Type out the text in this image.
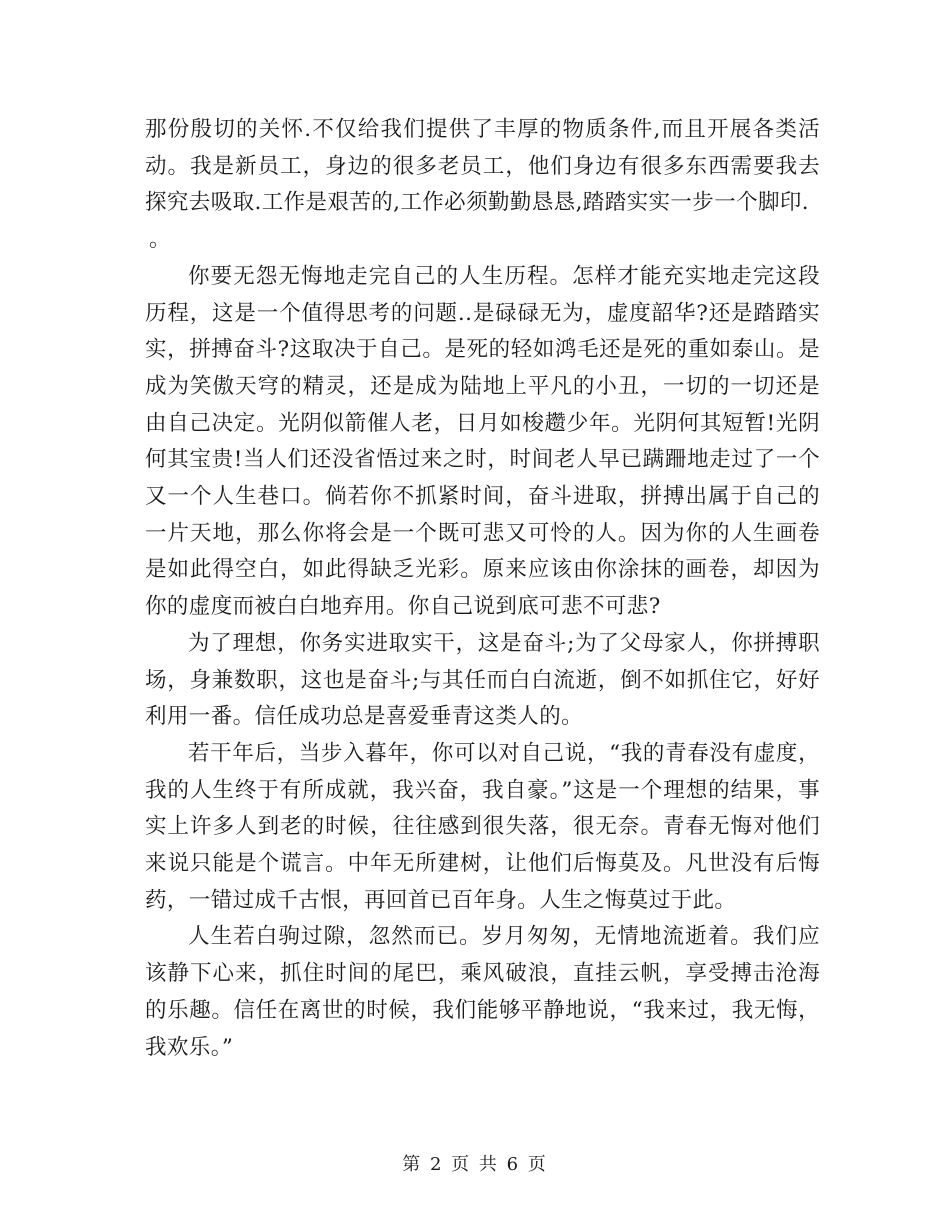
那份殷切的关怀.不仅给我们提供了丰厚的物质条件,而且开展各类活动。我是新员工，身边的很多老员工，他们身边有很多东西需要我去探究去吸取.工作是艰苦的,工作必须勤勤恳恳,踏踏实实一步一个脚印.

。

你要无怨无悔地走完自己的人生历程。怎样才能充实地走完这段历程，这是一个值得思考的问题..是碌碌无为，虚度韶华?还是踏踏实实，拼搏奋斗?这取决于自己。是死的轻如鸿毛还是死的重如泰山。是成为笑傲天穹的精灵，还是成为陆地上平凡的小丑，一切的一切还是由自己决定。光阴似箭催人老，日月如梭趱少年。光阴何其短暂!光阴何其宝贵!当人们还没省悟过来之时，时间老人早已蹒跚地走过了一个又一个人生巷口。倘若你不抓紧时间，奋斗进取，拼搏出属于自己的一片天地，那么你将会是一个既可悲又可怜的人。因为你的人生画卷是如此得空白，如此得缺乏光彩。原来应该由你涂抹的画卷，却因为你的虚度而被白白地弃用。你自己说到底可悲不可悲?

为了理想，你务实进取实干，这是奋斗;为了父母家人，你拼搏职场，身兼数职，这也是奋斗;与其任而白白流逝，倒不如抓住它，好好利用一番。信任成功总是喜爱垂青这类人的。

若干年后，当步入暮年，你可以对自己说，“我的青春没有虚度，我的人生终于有所成就，我兴奋，我自豪。”这是一个理想的结果，事实上许多人到老的时候，往往感到很失落，很无奈。青春无悔对他们来说只能是个谎言。中年无所建树，让他们后悔莫及。凡世没有后悔药，一错过成千古恨，再回首已百年身。人生之悔莫过于此。

人生若白驹过隙，忽然而已。岁月匆匆，无情地流逝着。我们应该静下心来，抓住时间的尾巴，乘风破浪，直挂云帆，享受搏击沧海的乐趣。信任在离世的时候，我们能够平静地说，“我来过，我无悔，我欢乐。”

第 2 页 共 6 页
